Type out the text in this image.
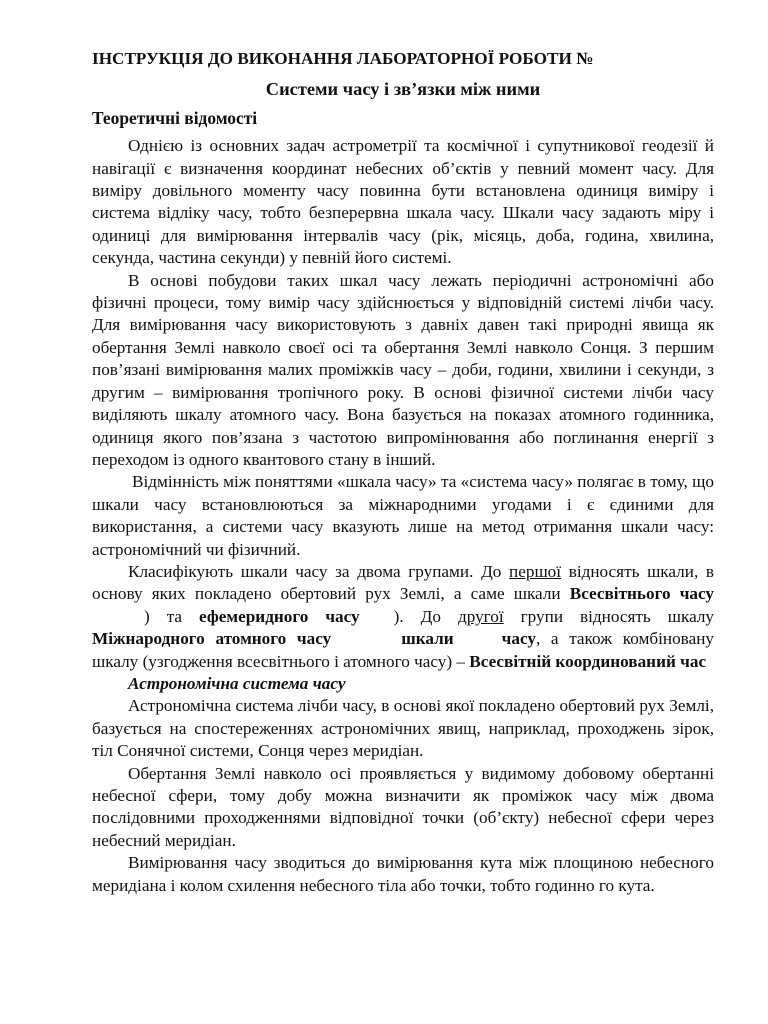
ІНСТРУКЦІЯ ДО ВИКОНАННЯ ЛАБОРАТОРНОЇ РОБОТИ №
Системи часу і зв’язки між ними
Теоретичні відомості

Однією із основних задач астрометрії та космічної і супутникової геодезії й навігації є визначення координат небесних об’єктів у певний момент часу. Для виміру довільного моменту часу повинна бути встановлена одиниця виміру і система відліку часу, тобто безперервна шкала часу. Шкали часу задають міру і одиниці для вимірювання інтервалів часу (рік, місяць, доба, година, хвилина, секунда, частина секунди) у певній його системі.

В основі побудови таких шкал часу лежать періодичні астрономічні або фізичні процеси, тому вимір часу здійснюється у відповідній системі лічби часу. Для вимірювання часу використовують з давніх давен такі природні явища як обертання Землі навколо своєї осі та обертання Землі навколо Сонця. З першим пов’язані вимірювання малих проміжків часу – доби, години, хвилини і секунди, з другим – вимірювання тропічного року. В основі фізичної системи лічби часу виділяють шкалу атомного часу. Вона базується на показах атомного годинника, одиниця якого пов’язана з частотою випромінювання або поглинання енергії з переходом із одного квантового стану в інший.

Відмінність між поняттями «шкала часу» та «система часу» полягає в тому, що шкали часу встановлюються за міжнародними угодами і є єдиними для використання, а системи часу вказують лише на метод отримання шкали часу: астрономічний чи фізичний.

Класифікують шкали часу за двома групами. До першої відносять шкали, в основу яких покладено обертовий рух Землі, а саме шкали Всесвітнього часу) та ефемеридного часу ). До другої групи відносять шкалу Міжнародного атомного часу	шкали	часу, а також комбіновану шкалу (узгодження всесвітнього і атомного часу) – Всесвітній координований час

Астрономічна система часу

Астрономічна система лічби часу, в основі якої покладено обертовий рух Землі, базується на спостереженнях астрономічних явищ, наприклад, проходжень зірок, тіл Сонячної системи, Сонця через меридіан.

Обертання Землі навколо осі проявляється у видимому добовому обертанні небесної сфери, тому добу можна визначити як проміжок часу між двома послідовними проходженнями відповідної точки (об’єкту) небесної сфери через небесний меридіан.

Вимірювання часу зводиться до вимірювання кута між площиною небесного меридіана і колом схилення небесного тіла або точки, тобто годинно го кута.
